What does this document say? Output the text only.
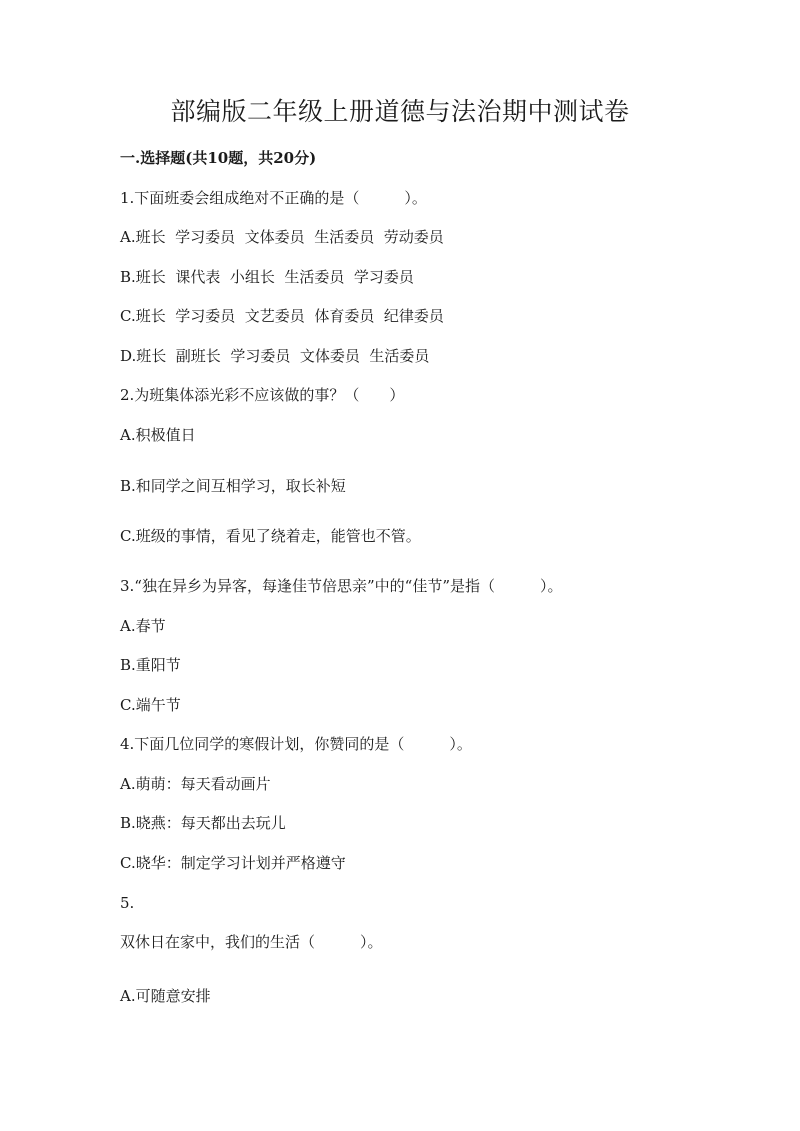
部编版二年级上册道德与法治期中测试卷
一.选择题(共10题，共20分)
1.下面班委会组成绝对不正确的是（　　　）。
A.班长  学习委员  文体委员  生活委员  劳动委员
B.班长  课代表  小组长  生活委员  学习委员
C.班长  学习委员  文艺委员  体育委员  纪律委员
D.班长  副班长  学习委员  文体委员  生活委员
2.为班集体添光彩不应该做的事？（　　）
A.积极值日
B.和同学之间互相学习，取长补短
C.班级的事情，看见了绕着走，能管也不管。
3.“独在异乡为异客，每逢佳节倍思亲”中的“佳节”是指（　　　）。
A.春节
B.重阳节
C.端午节
4.下面几位同学的寒假计划，你赞同的是（　　　）。
A.萌萌：每天看动画片
B.晓燕：每天都出去玩儿
C.晓华：制定学习计划并严格遵守
5.
双休日在家中，我们的生活（　　　）。
A.可随意安排
